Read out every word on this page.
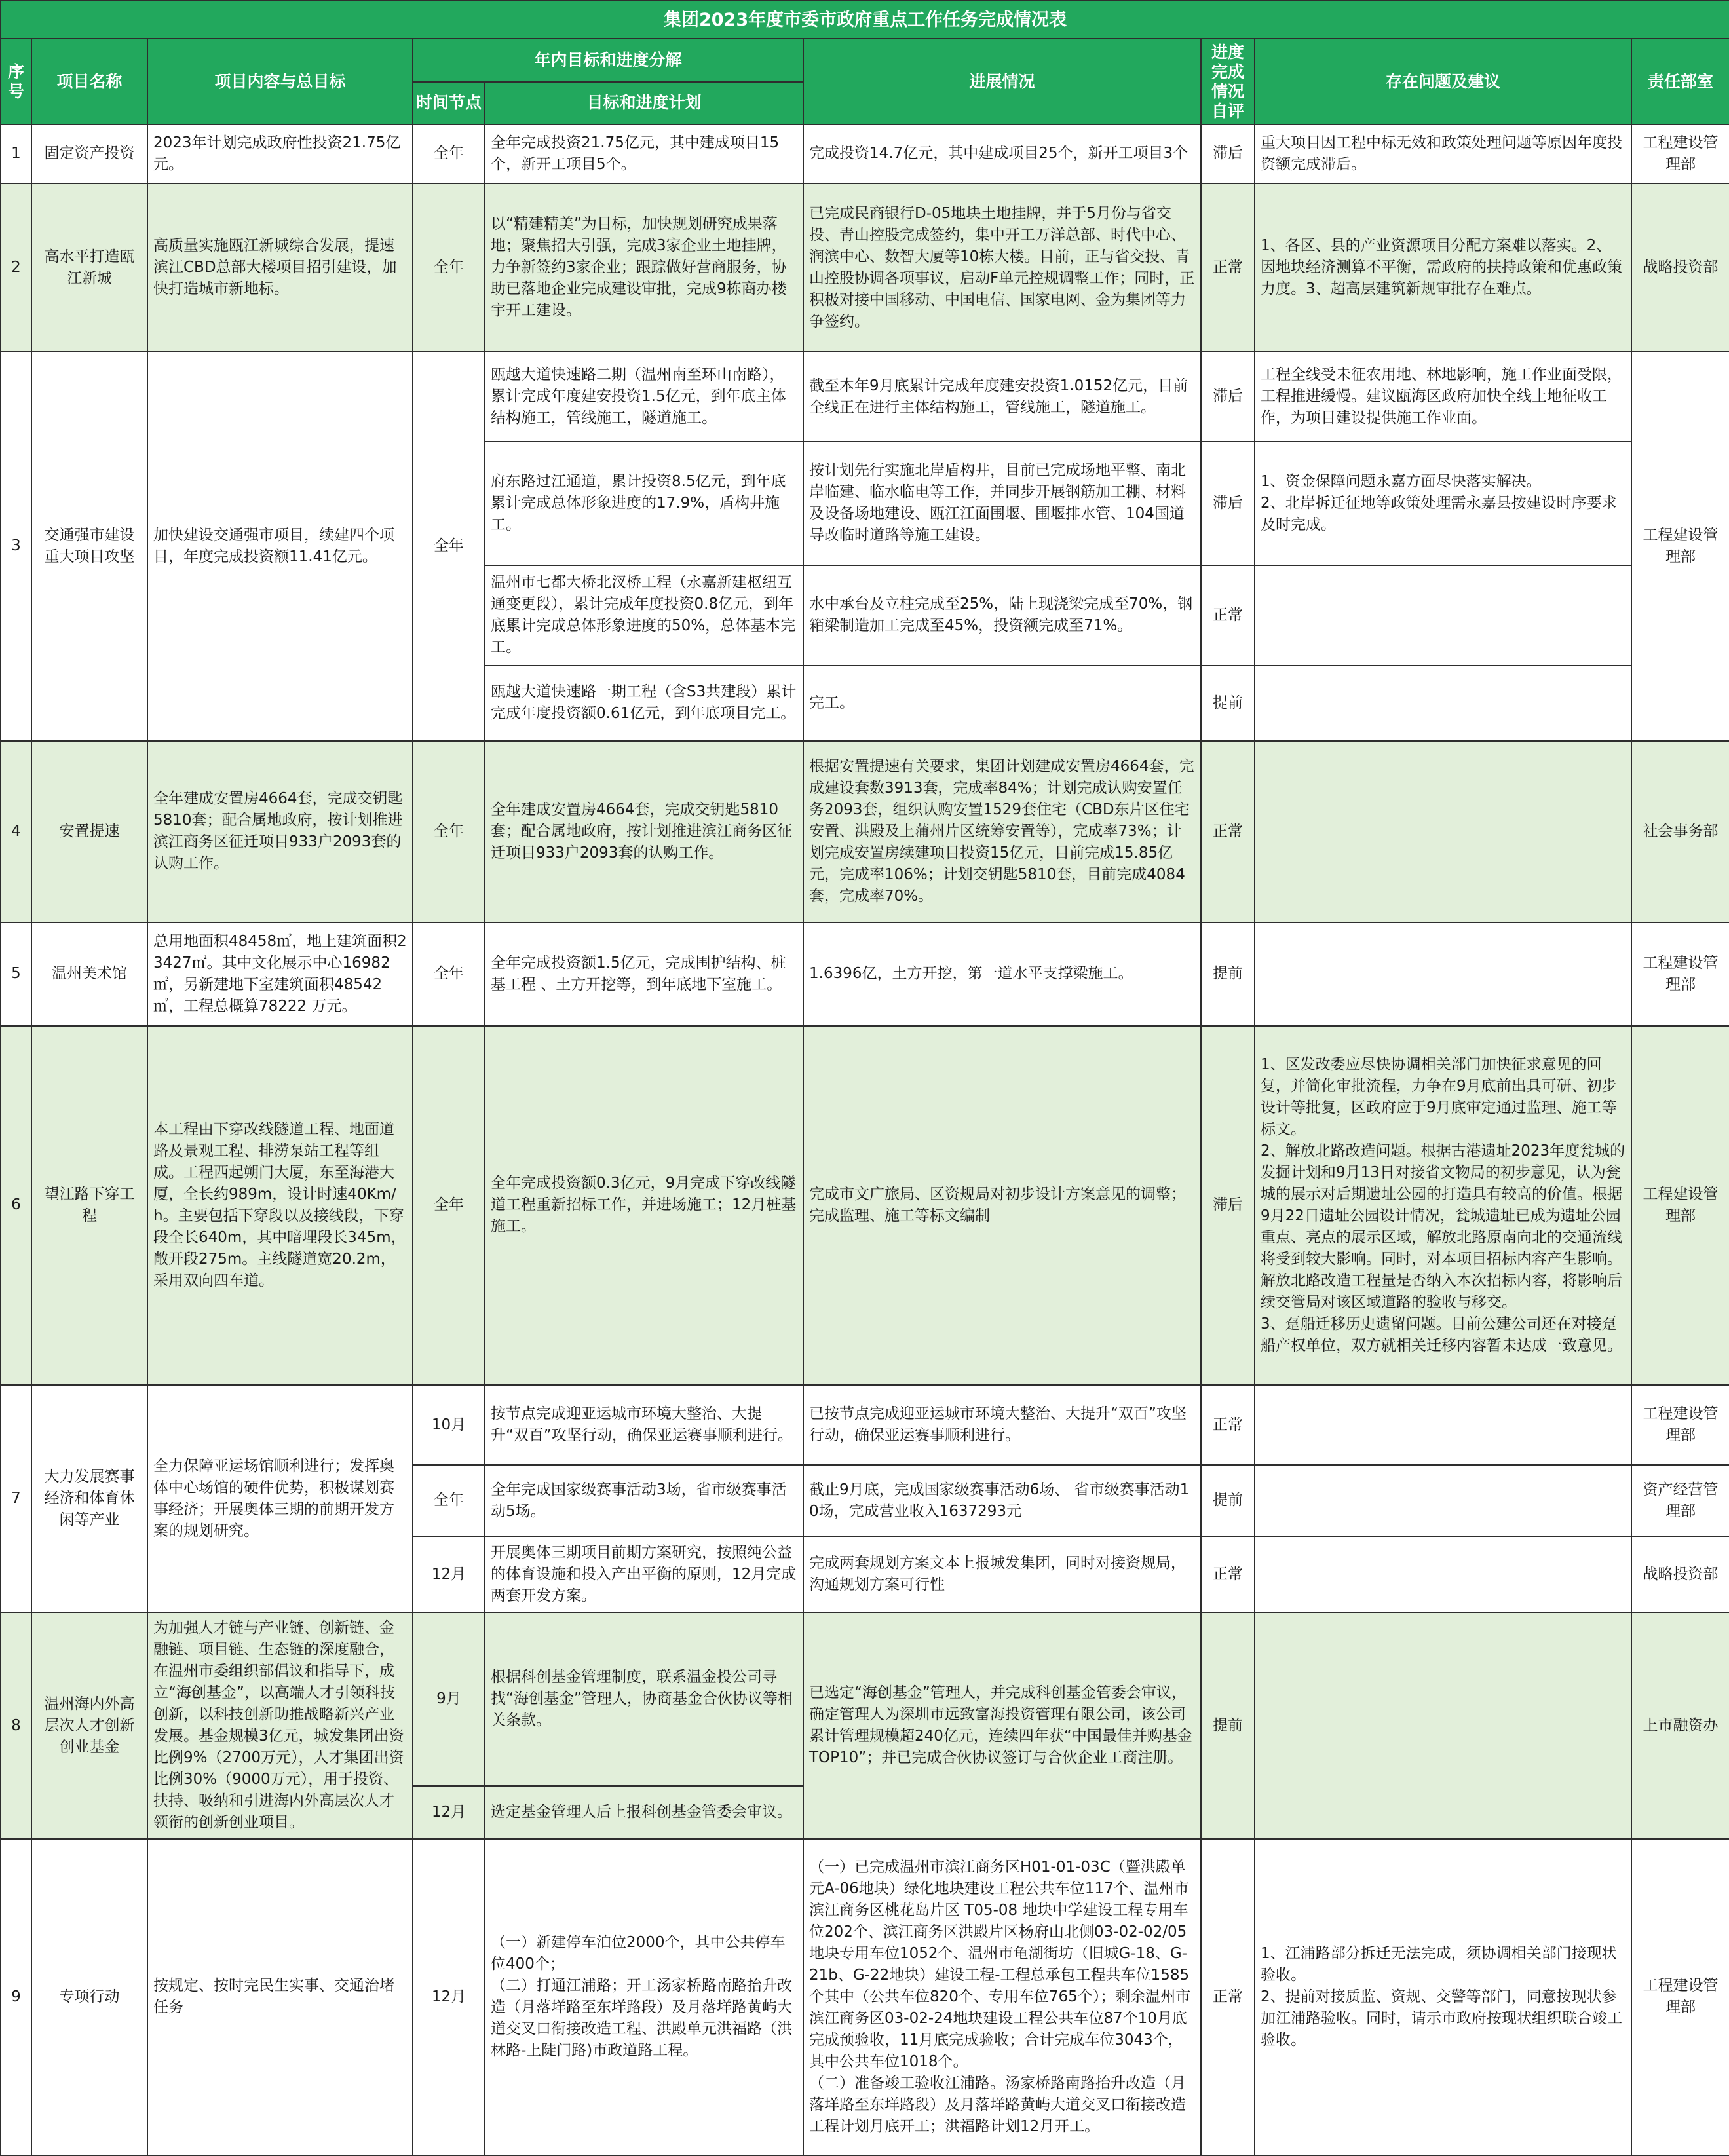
集团2023年度市委市政府重点工作任务完成情况表								
序号	项目名称	项目内容与总目标	年内目标和进度分解		进展情况	进度完成情况自评	存在问题及建议	责任部室
			时间节点	目标和进度计划				
1	固定资产投资	2023年计划完成政府性投资21.75亿元。	全年	全年完成投资21.75亿元，其中建成项目15个，新开工项目5个。	完成投资14.7亿元，其中建成项目25个，新开工项目3个	滞后	重大项目因工程中标无效和政策处理问题等原因年度投资额完成滞后。	工程建设管理部
2	高水平打造瓯江新城	高质量实施瓯江新城综合发展，提速滨江CBD总部大楼项目招引建设，加快打造城市新地标。	全年	以“精建精美”为目标，加快规划研究成果落地；聚焦招大引强，完成3家企业土地挂牌，力争新签约3家企业；跟踪做好营商服务，协助已落地企业完成建设审批，完成9栋商办楼宇开工建设。	已完成民商银行D-05地块土地挂牌，并于5月份与省交投、青山控股完成签约，集中开工万洋总部、时代中心、润滨中心、数智大厦等10栋大楼。目前，正与省交投、青山控股协调各项事议，启动F单元控规调整工作；同时，正积极对接中国移动、中国电信、国家电网、金为集团等力争签约。	正常	1、各区、县的产业资源项目分配方案难以落实。2、因地块经济测算不平衡，需政府的扶持政策和优惠政策力度。3、超高层建筑新规审批存在难点。	战略投资部
3	交通强市建设重大项目攻坚	加快建设交通强市项目，续建四个项目，年度完成投资额11.41亿元。	全年	瓯越大道快速路二期（温州南至环山南路），累计完成年度建安投资1.5亿元，到年底主体结构施工，管线施工，隧道施工。	截至本年9月底累计完成年度建安投资1.0152亿元，目前全线正在进行主体结构施工，管线施工，隧道施工。	滞后	工程全线受未征农用地、林地影响，施工作业面受限，工程推进缓慢。建议瓯海区政府加快全线土地征收工作，为项目建设提供施工作业面。	工程建设管理部
				府东路过江通道，累计投资8.5亿元，到年底累计完成总体形象进度的17.9%，盾构井施工。	按计划先行实施北岸盾构井，目前已完成场地平整、南北岸临建、临水临电等工作，并同步开展钢筋加工棚、材料及设备场地建设、瓯江江面围堰、围堰排水管、104国道导改临时道路等施工建设。	滞后	1、资金保障问题永嘉方面尽快落实解决。
2、北岸拆迁征地等政策处理需永嘉县按建设时序要求及时完成。	
				温州市七都大桥北汊桥工程（永嘉新建枢纽互通变更段），累计完成年度投资0.8亿元，到年底累计完成总体形象进度的50%，总体基本完工。	水中承台及立柱完成至25%，陆上现浇梁完成至70%，钢箱梁制造加工完成至45%，投资额完成至71%。	正常		
				瓯越大道快速路一期工程（含S3共建段）累计完成年度投资额0.61亿元，到年底项目完工。	完工。	提前		
4	安置提速	全年建成安置房4664套，完成交钥匙5810套；配合属地政府，按计划推进滨江商务区征迁项目933户2093套的认购工作。	全年	全年建成安置房4664套，完成交钥匙5810套；配合属地政府，按计划推进滨江商务区征迁项目933户2093套的认购工作。	根据安置提速有关要求，集团计划建成安置房4664套，完成建设套数3913套，完成率84%；计划完成认购安置任务2093套，组织认购安置1529套住宅（CBD东片区住宅安置、洪殿及上蒲州片区统筹安置等），完成率73%；计划完成安置房续建项目投资15亿元，目前完成15.85亿元，完成率106%；计划交钥匙5810套，目前完成4084套，完成率70%。	正常		社会事务部
5	温州美术馆	总用地面积48458㎡，地上建筑面积23427㎡。其中文化展示中心16982㎡，另新建地下室建筑面积48542㎡，工程总概算78222 万元。	全年	全年完成投资额1.5亿元，完成围护结构、桩基工程 、土方开挖等，到年底地下室施工。	1.6396亿，土方开挖，第一道水平支撑梁施工。	提前		工程建设管理部
6	望江路下穿工程	本工程由下穿改线隧道工程、地面道路及景观工程、排涝泵站工程等组成。工程西起朔门大厦，东至海港大厦，全长约989m，设计时速40Km/h。主要包括下穿段以及接线段，下穿段全长640m，其中暗埋段长345m，敞开段275m。主线隧道宽20.2m，采用双向四车道。	全年	全年完成投资额0.3亿元，9月完成下穿改线隧道工程重新招标工作，并进场施工；12月桩基施工。	完成市文广旅局、区资规局对初步设计方案意见的调整；完成监理、施工等标文编制	滞后	1、区发改委应尽快协调相关部门加快征求意见的回复，并简化审批流程，力争在9月底前出具可研、初步设计等批复，区政府应于9月底审定通过监理、施工等标文。
2、解放北路改造问题。根据古港遗址2023年度瓮城的发掘计划和9月13日对接省文物局的初步意见，认为瓮城的展示对后期遗址公园的打造具有较高的价值。根据9月22日遗址公园设计情况，瓮城遗址已成为遗址公园重点、亮点的展示区域，解放北路原南向北的交通流线将受到较大影响。同时，对本项目招标内容产生影响。解放北路改造工程量是否纳入本次招标内容，将影响后续交管局对该区域道路的验收与移交。
3、趸船迁移历史遗留问题。目前公建公司还在对接趸船产权单位，双方就相关迁移内容暂未达成一致意见。	工程建设管理部
7	大力发展赛事经济和体育休闲等产业	全力保障亚运场馆顺利进行；发挥奥体中心场馆的硬件优势，积极谋划赛事经济；开展奥体三期的前期开发方案的规划研究。	10月	按节点完成迎亚运城市环境大整治、大提升“双百”攻坚行动，确保亚运赛事顺利进行。	已按节点完成迎亚运城市环境大整治、大提升“双百”攻坚行动，确保亚运赛事顺利进行。	正常		工程建设管理部
			全年	全年完成国家级赛事活动3场，省市级赛事活动5场。	截止9月底，完成国家级赛事活动6场、 省市级赛事活动10场，完成营业收入1637293元	提前		资产经营管理部
			12月	开展奥体三期项目前期方案研究，按照纯公益的体育设施和投入产出平衡的原则，12月完成两套开发方案。	完成两套规划方案文本上报城发集团，同时对接资规局，沟通规划方案可行性	正常		战略投资部
8	温州海内外高层次人才创新创业基金	为加强人才链与产业链、创新链、金融链、项目链、生态链的深度融合，在温州市委组织部倡议和指导下，成立“海创基金”，以高端人才引领科技创新，以科技创新助推战略新兴产业发展。基金规模3亿元，城发集团出资比例9%（2700万元），人才集团出资比例30%（9000万元），用于投资、扶持、吸纳和引进海内外高层次人才领衔的创新创业项目。	9月	根据科创基金管理制度，联系温金投公司寻找“海创基金”管理人，协商基金合伙协议等相关条款。	已选定“海创基金”管理人，并完成科创基金管委会审议，确定管理人为深圳市远致富海投资管理有限公司，该公司累计管理规模超240亿元，连续四年获“中国最佳并购基金 TOP10”；并已完成合伙协议签订与合伙企业工商注册。	提前		上市融资办
			12月	选定基金管理人后上报科创基金管委会审议。				
9	专项行动	按规定、按时完民生实事、交通治堵任务	12月	（一）新建停车泊位2000个，其中公共停车位400个；
（二）打通江浦路；开工汤家桥路南路抬升改造（月落垟路至东垟路段）及月落垟路黄屿大道交叉口衔接改造工程、洪殿单元洪福路（洪林路-上陡门路)市政道路工程。	（一）已完成温州市滨江商务区H01-01-03C（暨洪殿单元A-06地块）绿化地块建设工程公共车位117个、温州市滨江商务区桃花岛片区 T05-08 地块中学建设工程专用车位202个、滨江商务区洪殿片区杨府山北侧03-02-02/05地块专用车位1052个、温州市龟湖街坊（旧城G-18、G-21b、G-22地块）建设工程-工程总承包工程共车位1585个其中（公共车位820个、专用车位765个）；剩余温州市滨江商务区03-02-24地块建设工程公共车位87个10月底完成预验收，11月底完成验收；合计完成车位3043个，其中公共车位1018个。
（二）准备竣工验收江浦路。汤家桥路南路抬升改造（月落垟路至东垟路段）及月落垟路黄屿大道交叉口衔接改造工程计划月底开工；洪福路计划12月开工。	正常	1、江浦路部分拆迁无法完成，须协调相关部门接现状验收。
2、提前对接质监、资规、交警等部门，同意按现状参加江浦路验收。同时，请示市政府按现状组织联合竣工验收。	工程建设管理部
